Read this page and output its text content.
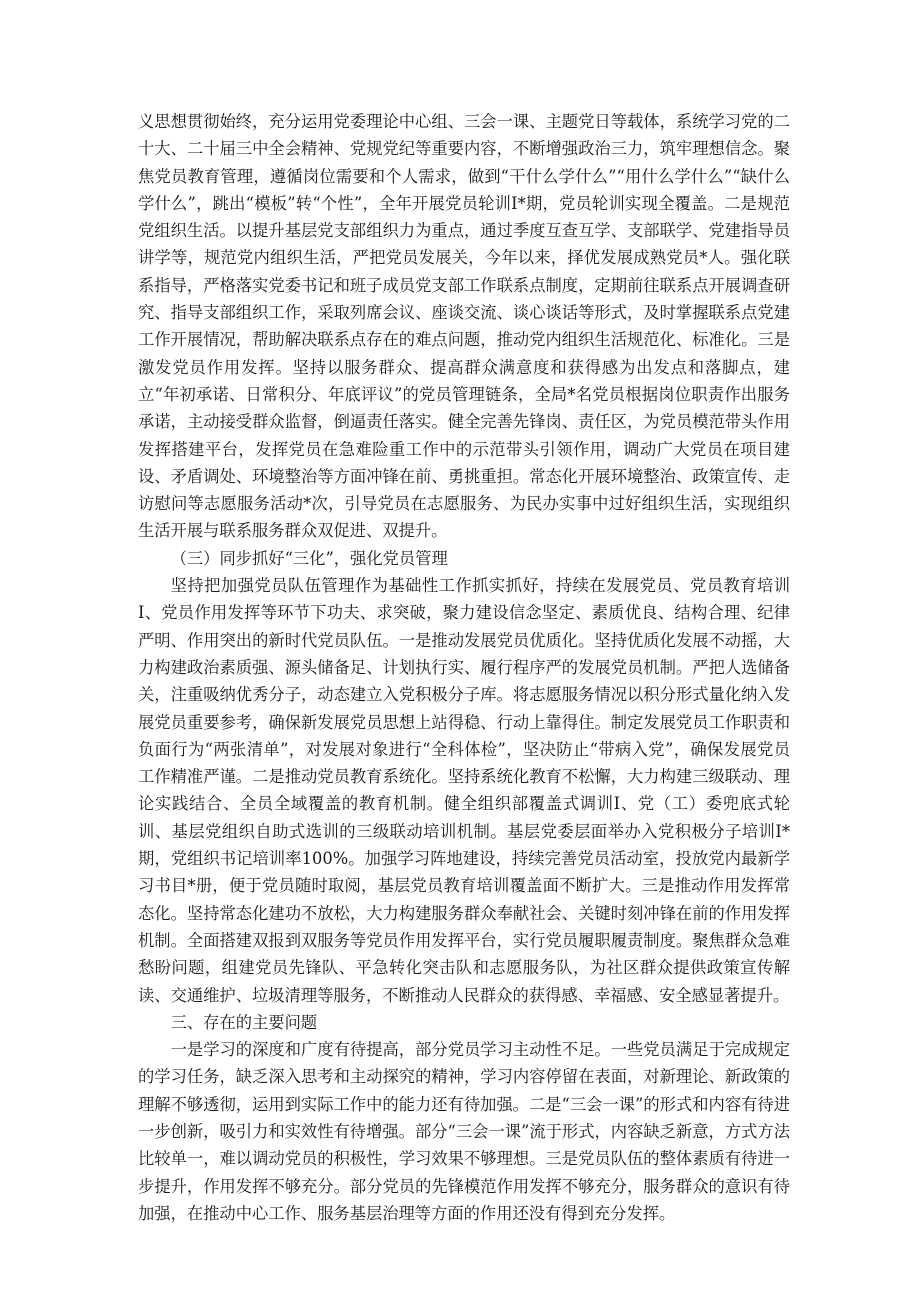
义思想贯彻始终，充分运用党委理论中心组、三会一课、主题党日等载体，系统学习党的二十大、二十届三中全会精神、党规党纪等重要内容，不断增强政治三力，筑牢理想信念。聚焦党员教育管理，遵循岗位需要和个人需求，做到“干什么学什么”“用什么学什么”“缺什么学什么”，跳出“模板”转“个性”，全年开展党员轮训I*期，党员轮训实现全覆盖。二是规范党组织生活。以提升基层党支部组织力为重点，通过季度互查互学、支部联学、党建指导员讲学等，规范党内组织生活，严把党员发展关，今年以来，择优发展成熟党员*人。强化联系指导，严格落实党委书记和班子成员党支部工作联系点制度，定期前往联系点开展调查研究、指导支部组织工作，采取列席会议、座谈交流、谈心谈话等形式，及时掌握联系点党建工作开展情况，帮助解决联系点存在的难点问题，推动党内组织生活规范化、标准化。三是激发党员作用发挥。坚持以服务群众、提高群众满意度和获得感为出发点和落脚点，建立“年初承诺、日常积分、年底评议”的党员管理链条，全局*名党员根据岗位职责作出服务承诺，主动接受群众监督，倒逼责任落实。健全完善先锋岗、责任区，为党员模范带头作用发挥搭建平台，发挥党员在急难险重工作中的示范带头引领作用，调动广大党员在项目建设、矛盾调处、环境整治等方面冲锋在前、勇挑重担。常态化开展环境整治、政策宣传、走访慰问等志愿服务活动*次，引导党员在志愿服务、为民办实事中过好组织生活，实现组织生活开展与联系服务群众双促进、双提升。

（三）同步抓好“三化”，强化党员管理

坚持把加强党员队伍管理作为基础性工作抓实抓好，持续在发展党员、党员教育培训I、党员作用发挥等环节下功夫、求突破，聚力建设信念坚定、素质优良、结构合理、纪律严明、作用突出的新时代党员队伍。一是推动发展党员优质化。坚持优质化发展不动摇，大力构建政治素质强、源头储备足、计划执行实、履行程序严的发展党员机制。严把人选储备关，注重吸纳优秀分子，动态建立入党积极分子库。将志愿服务情况以积分形式量化纳入发展党员重要参考，确保新发展党员思想上站得稳、行动上靠得住。制定发展党员工作职责和负面行为“两张清单”，对发展对象进行“全科体检”，坚决防止“带病入党”，确保发展党员工作精准严谨。二是推动党员教育系统化。坚持系统化教育不松懈，大力构建三级联动、理论实践结合、全员全域覆盖的教育机制。健全组织部覆盖式调训I、党（工）委兜底式轮训、基层党组织自助式选训的三级联动培训机制。基层党委层面举办入党积极分子培训I*期，党组织书记培训率100%。加强学习阵地建设，持续完善党员活动室，投放党内最新学习书目*册，便于党员随时取阅，基层党员教育培训覆盖面不断扩大。三是推动作用发挥常态化。坚持常态化建功不放松，大力构建服务群众奉献社会、关键时刻冲锋在前的作用发挥机制。全面搭建双报到双服务等党员作用发挥平台，实行党员履职履责制度。聚焦群众急难愁盼问题，组建党员先锋队、平急转化突击队和志愿服务队，为社区群众提供政策宣传解读、交通维护、垃圾清理等服务，不断推动人民群众的获得感、幸福感、安全感显著提升。

三、存在的主要问题

一是学习的深度和广度有待提高，部分党员学习主动性不足。一些党员满足于完成规定的学习任务，缺乏深入思考和主动探究的精神，学习内容停留在表面，对新理论、新政策的理解不够透彻，运用到实际工作中的能力还有待加强。二是“三会一课”的形式和内容有待进一步创新，吸引力和实效性有待增强。部分“三会一课”流于形式，内容缺乏新意，方式方法比较单一，难以调动党员的积极性，学习效果不够理想。三是党员队伍的整体素质有待进一步提升，作用发挥不够充分。部分党员的先锋模范作用发挥不够充分，服务群众的意识有待加强，在推动中心工作、服务基层治理等方面的作用还没有得到充分发挥。
